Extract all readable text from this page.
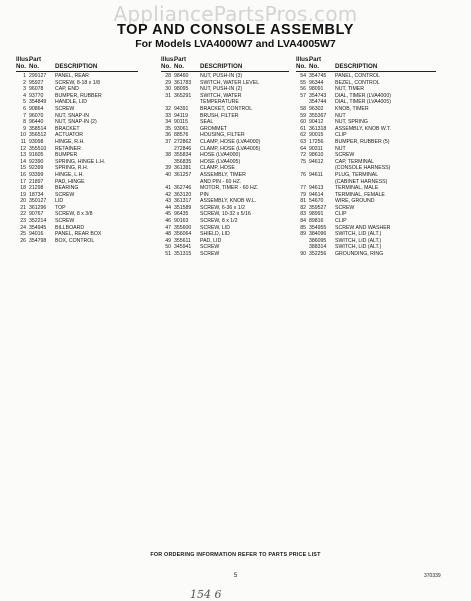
AppliancePartsPros.com
TOP AND CONSOLE ASSEMBLY
For Models LVA4000W7 and LVA4005W7
Illus.
Part
No. No.	DESCRIPTION
1 299127	PANEL, REAR
2 95927	SCREW, 8-18 x 1/8
3 96078	CAP, END
4 93770	BUMPER, RUBBER
5 354849	HANDLE, LID
6 90864	SCREW
7 96070	NUT, SNAP-IN
8 96440	NUT, SNAP-IN (2)
9 358514	BRACKET
10 356512	ACTUATOR
11 93098	HINGE, R.H.
12 355510	RETAINER
13 91605	BUMPER
14 92390	SPRING, HINGE L.H.
15 92399	SPRING, R.H.
16 93399	HINGE, L.H.
17 21897	PAD, HINGE
18 21298	BEARING
19 18734	SCREW
20 350127	LID
21 361296	TOP
22 90767	SCREW, 8 x 3/8
23 352214	SCREW
24 354945	BILLBOARD
25 94016	PANEL, REAR BOX
26 354798	BOX, CONTROL
Illus.
Part
No. No.	DESCRIPTION
28 98460	NUT, PUSH-IN (3)
29 361783	SWITCH, WATER LEVEL
30 98095	NUT, PUSH-IN (2)
31 365291	SWITCH, WATER
TEMPERATURE
32 94391	BRACKET, CONTROL
33 94119	BRUSH, FILTER
34 90115	SEAL
35 93061	GROMMET
36 88576	HOUSING, FILTER
37 272862	CLAMP, HOSE (LVA4000)
272846	CLAMP, HOSE (LVA4005)
38 355834	HOSE (LVA4000)
356835	HOSE (LVA4005)
39 361381	CLAMP, HOSE
40 361257	ASSEMBLY, TIMER
AND PIN - 60 HZ.
41 362746	MOTOR, TIMER - 60 HZ.
42 363120	PIN
43 361317	ASSEMBLY, KNOB W.L.
44 351589	SCREW, 6-36 x 1/2
45 96435	SCREW, 10-32 x 5/16
46 90163	SCREW, 8 x 1/2
47 355600	SCREW, LID
48 356064	SHIELD, LID
49 355611	PAD, LID
50 345941	SCREW
51 351315	SCREW
Illus.
Part
No. No.	DESCRIPTION
54 354745	PANEL, CONTROL
55 96344	BEZEL, CONTROL
56 98091	NUT, TIMER
57 354743	DIAL, TIMER (LVA4000)
354744	DIAL, TIMER (LVA4005)
58 96302	KNOB, TIMER
59 355367	NUT
60 90412	NUT, SPRING
61 361318	ASSEMBLY, KNOB W.T.
62 90015	CLIP
63 17256	BUMPER, RUBBER (5)
64 90311	NUT
72 98610	SCREW
75 94612	CAP, TERMINAL
(CONSOLE HARNESS)
76 94611	PLUG, TERMINAL
(CABINET HARNESS)
77 94613	TERMINAL, MALE
79 94614	TERMINAL, FEMALE
81 54670	WIRE, GROUND
82 359527	SCREW
83 98991	CLIP
84 89816	CLIP
85 354955	SCREW AND WASHER
89 384096	SWITCH, LID (ALT.)
386095	SWITCH, LID (ALT.)
388314	SWITCH, LID (ALT.)
90 352256	GROUNDING, RING
FOR ORDERING INFORMATION REFER TO PARTS PRICE LIST
5	370339
154 6
